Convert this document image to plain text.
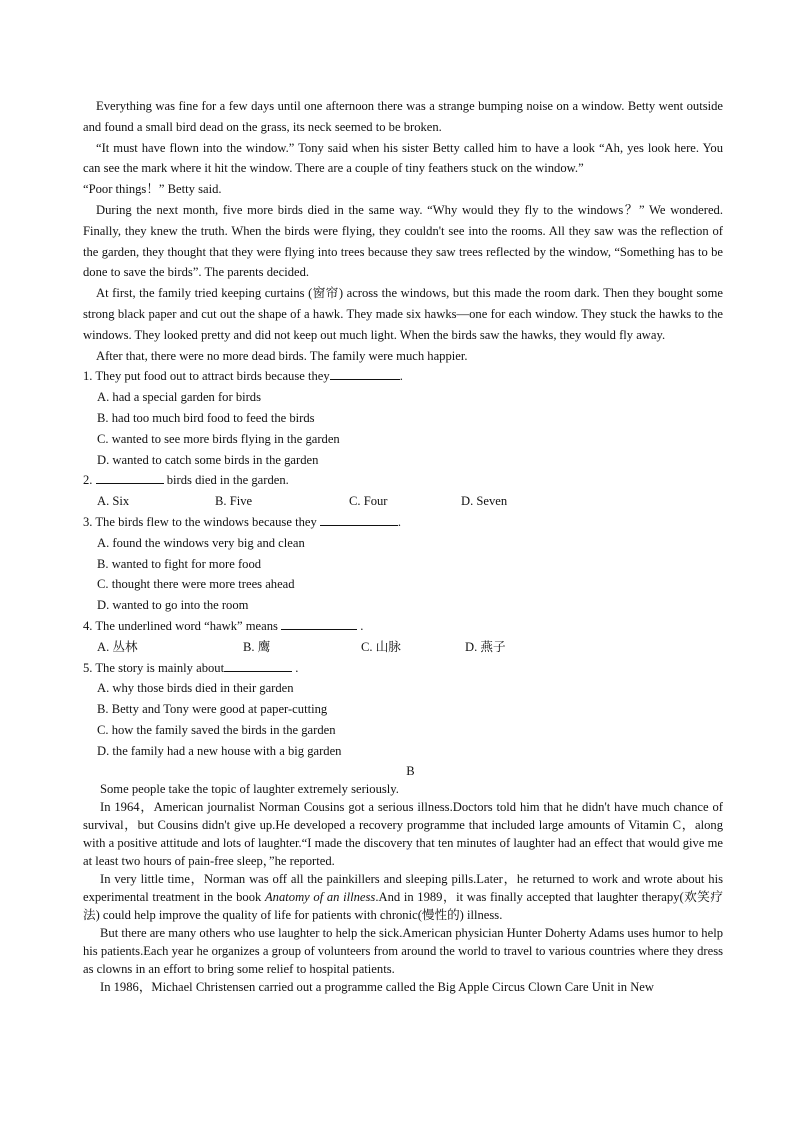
Everything was fine for a few days until one afternoon there was a strange bumping noise on a window. Betty went outside and found a small bird dead on the grass, its neck seemed to be broken.

“It must have flown into the window.” Tony said when his sister Betty called him to have a look “Ah, yes look here. You can see the mark where it hit the window. There are a couple of tiny feathers stuck on the window.”

“Poor things！” Betty said.

During the next month, five more birds died in the same way. “Why would they fly to the windows？” We wondered. Finally, they knew the truth. When the birds were flying, they couldn't see into the rooms. All they saw was the reflection of the garden, they thought that they were flying into trees because they saw trees reflected by the window, “Something has to be done to save the birds”. The parents decided.

At first, the family tried keeping curtains (窗帘) across the windows, but this made the room dark. Then they bought some strong black paper and cut out the shape of a hawk. They made six hawks—one for each window. They stuck the hawks to the windows. They looked pretty and did not keep out much light. When the birds saw the hawks, they would fly away.

After that, there were no more dead birds. The family were much happier.

1. They put food out to attract birds because they	.

A. had a special garden for birds

B. had too much bird food to feed the birds

C. wanted to see more birds flying in the garden

D. wanted to catch some birds in the garden

2.	birds died in the garden.

A. Six	B. Five	C. Four	D. Seven

3. The birds flew to the windows because they	.

A. found the windows very big and clean

B. wanted to fight for more food

C. thought there were more trees ahead

D. wanted to go into the room

4. The underlined word “hawk” means	.

A. 丛林	B. 鹰	C. 山脉	D. 燕子

5. The story is mainly about	.

A. why those birds died in their garden

B. Betty and Tony were good at paper-cutting

C. how the family saved the birds in the garden

D. the family had a new house with a big garden

B

Some people take the topic of laughter extremely seriously.

In 1964，American journalist Norman Cousins got a serious illness.Doctors told him that he didn't have much chance of survival，but Cousins didn't give up.He developed a recovery programme that included large amounts of Vitamin C，along with a positive attitude and lots of laughter.“I made the discovery that ten minutes of laughter had an effect that would give me at least two hours of pain-free sleep，”he reported.

In very little time，Norman was off all the painkillers and sleeping pills.Later，he returned to work and wrote about his experimental treatment in the book Anatomy of an illness.And in 1989，it was finally accepted that laughter therapy(欢笑疗法) could help improve the quality of life for patients with chronic(慢性的) illness.

But there are many others who use laughter to help the sick.American physician Hunter Doherty Adams uses humor to help his patients.Each year he organizes a group of volunteers from around the world to travel to various countries where they dress as clowns in an effort to bring some relief to hospital patients.

In 1986，Michael Christensen carried out a programme called the Big Apple Circus Clown Care Unit in New
